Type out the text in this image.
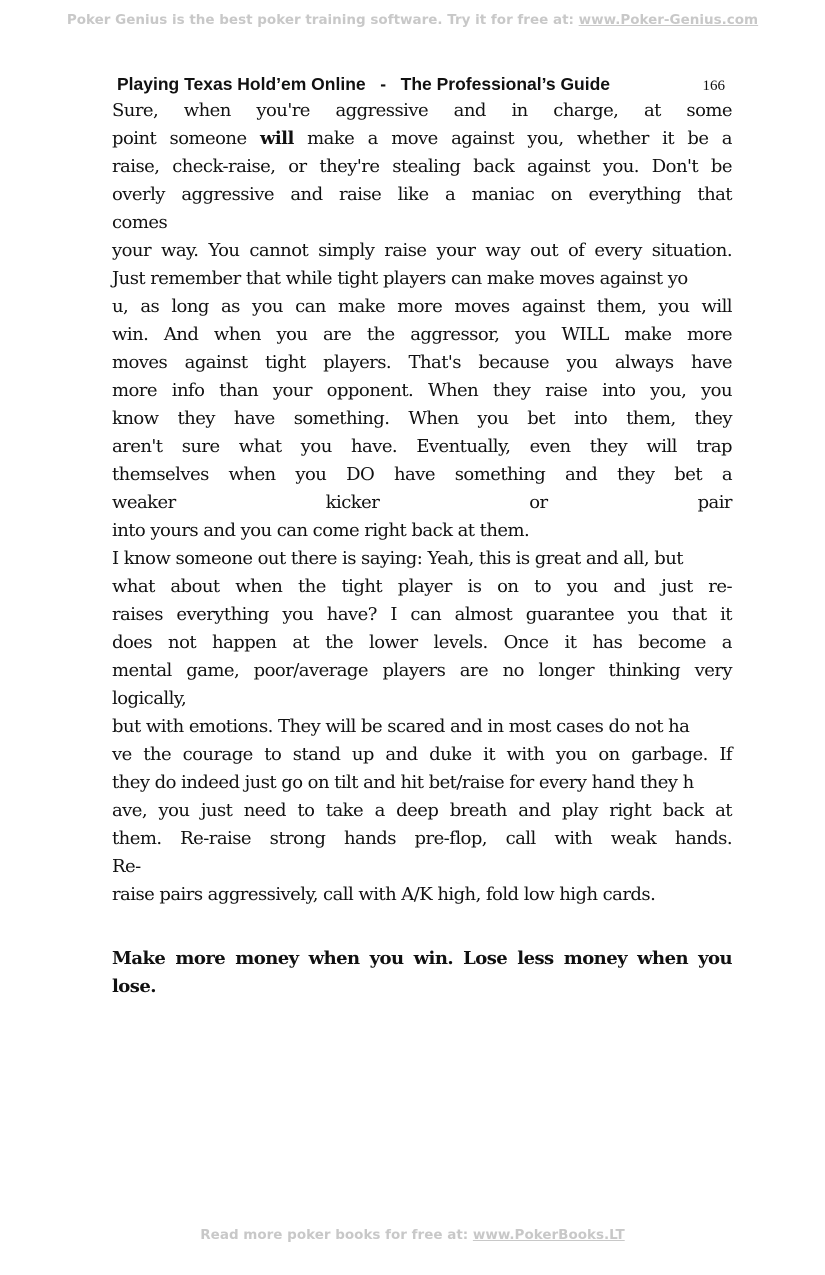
Poker Genius is the best poker training software. Try it for free at: www.Poker-Genius.com
Playing Texas Hold’em Online   -   The Professional’s Guide	166
Sure, when you're aggressive and in charge, at some
point someone will make a move against you, whether it be a
raise, check-raise, or they're stealing back against you. Don't be
overly aggressive and raise like a maniac on everything that
comes
your way. You cannot simply raise your way out of every situation.
Just remember that while tight players can make moves against yo
u, as long as you can make more moves against them, you will
win. And when you are the aggressor, you WILL make more
moves against tight players. That's because you always have
more info than your opponent. When they raise into you, you
know they have something. When you bet into them, they
aren't sure what you have. Eventually, even they will trap
themselves when you DO have something and they bet a
weaker kicker or pair
into yours and you can come right back at them.
I know someone out there is saying: Yeah, this is great and all, but
what about when the tight player is on to you and just re-
raises everything you have? I can almost guarantee you that it
does not happen at the lower levels. Once it has become a
mental game, poor/average players are no longer thinking very
logically,
but with emotions. They will be scared and in most cases do not ha
ve the courage to stand up and duke it with you on garbage. If
they do indeed just go on tilt and hit bet/raise for every hand they h
ave, you just need to take a deep breath and play right back at
them. Re-raise strong hands pre-flop, call with weak hands.
Re-
raise pairs aggressively, call with A/K high, fold low high cards.
Make more money when you win. Lose less money when you
lose.
Read more poker books for free at: www.PokerBooks.LT
